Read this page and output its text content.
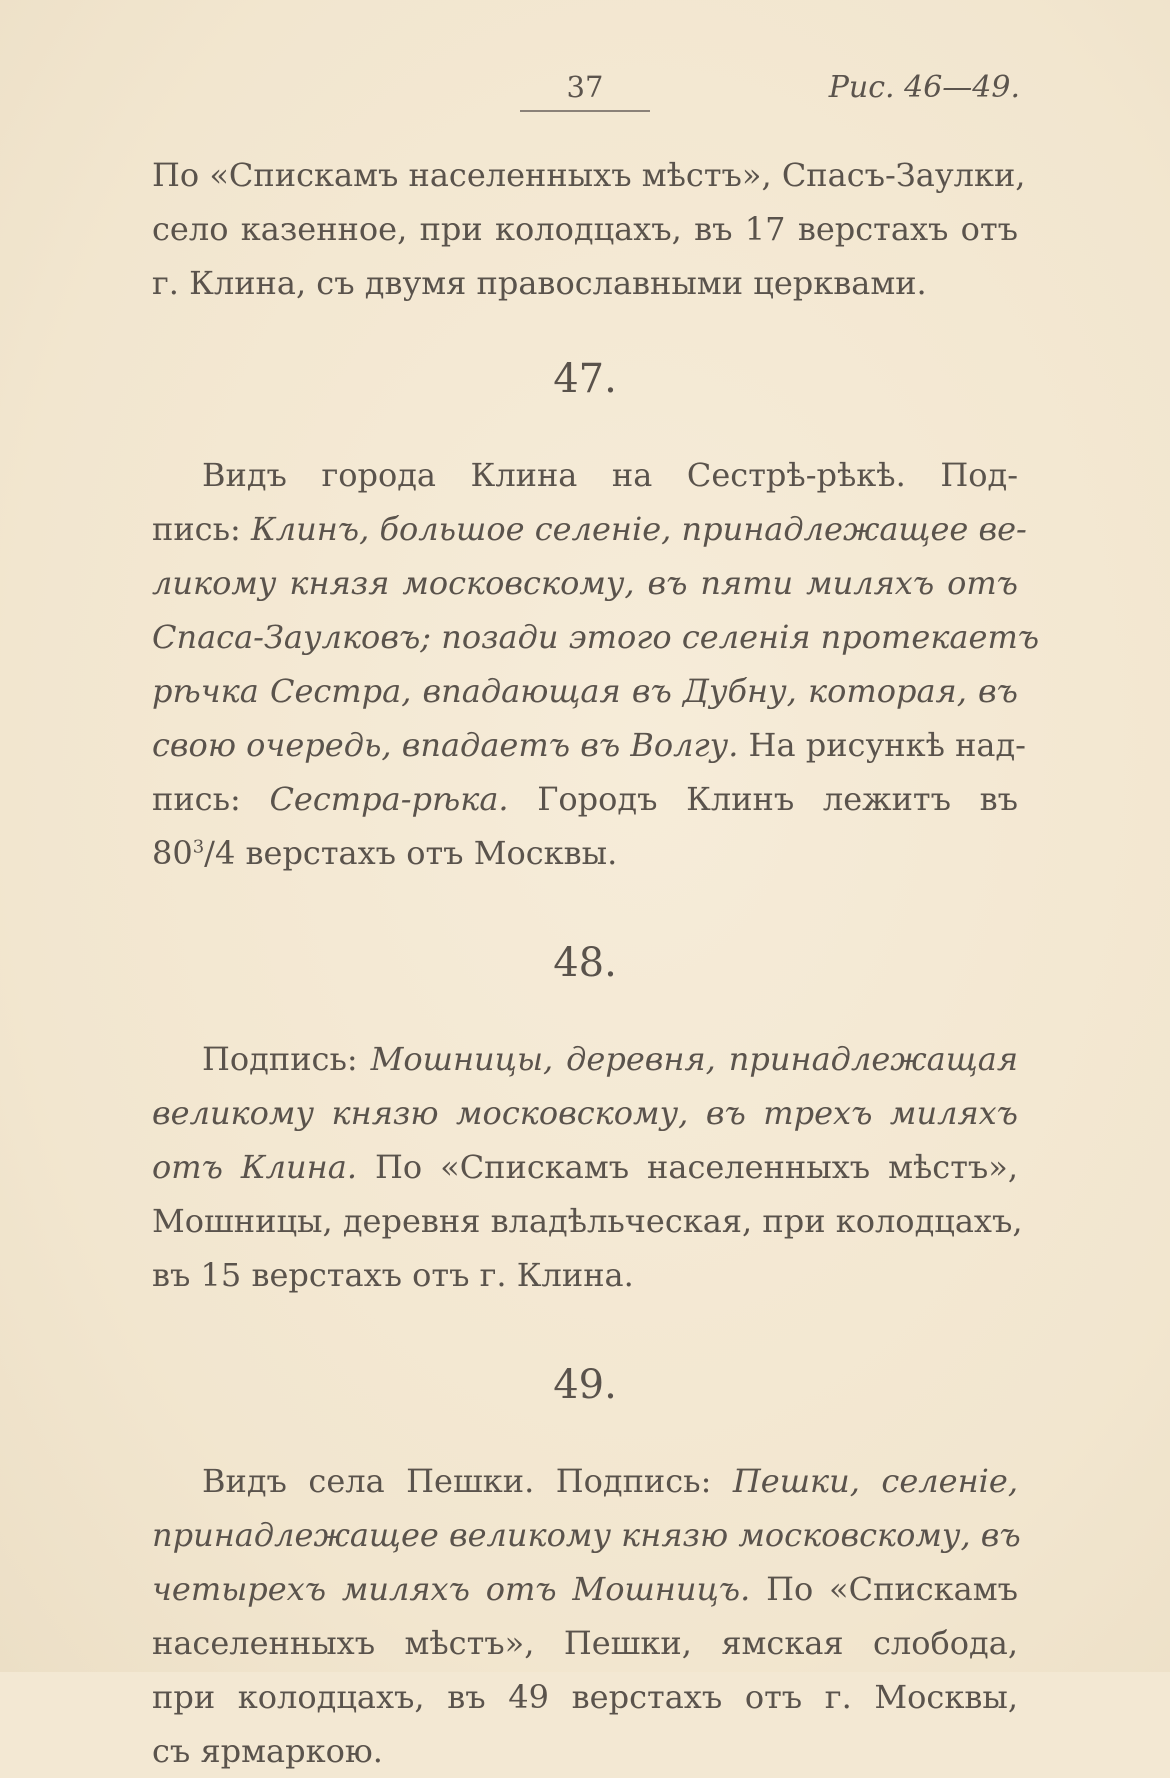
37	Рис. 46—49.
По «Спискамъ населенныхъ мѣстъ», Спасъ-Заулки,
село казенное, при колодцахъ, въ 17 верстахъ отъ
г. Клина, съ двумя православными церквами.
47.
Видъ города Клина на Сестрѣ-рѣкѣ. Под-
пись: Клинъ, большое селенiе, принадлежащее ве-
ликому князя московскому, въ пяти миляхъ отъ
Спаса-Заулковъ; позади этого селенiя протекаетъ
рѣчка Сестра, впадающая въ Дубну, которая, въ
свою очередь, впадаетъ въ Волгу. На рисункѣ над-
пись: Сестра-рѣка. Городъ Клинъ лежитъ въ
$80^3/4$ верстахъ отъ Москвы.
48.
Подпись: Мошницы, деревня, принадлежащая
великому князю московскому, въ трехъ миляхъ
отъ Клина. По «Спискамъ населенныхъ мѣстъ»,
Мошницы, деревня владѣльческая, при колодцахъ,
въ 15 верстахъ отъ г. Клина.
49.
Видъ села Пешки. Подпись: Пешки, селенiе,
принадлежащее великому князю московскому, въ
четырехъ миляхъ отъ Мошницъ. По «Спискамъ
населенныхъ мѣстъ», Пешки, ямская слобода,
при колодцахъ, въ 49 верстахъ отъ г. Москвы,
съ ярмаркою.
